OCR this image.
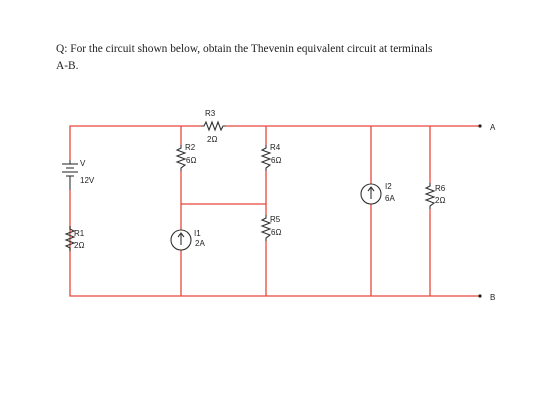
Q: For the circuit shown below, obtain the Thevenin equivalent circuit at terminals
A-B.
V
12V
R1
2Ω
R3
2Ω
R2
6Ω
R4
6Ω
R5
6Ω
I1
2A
I2
6A
R6
2Ω
A
B
